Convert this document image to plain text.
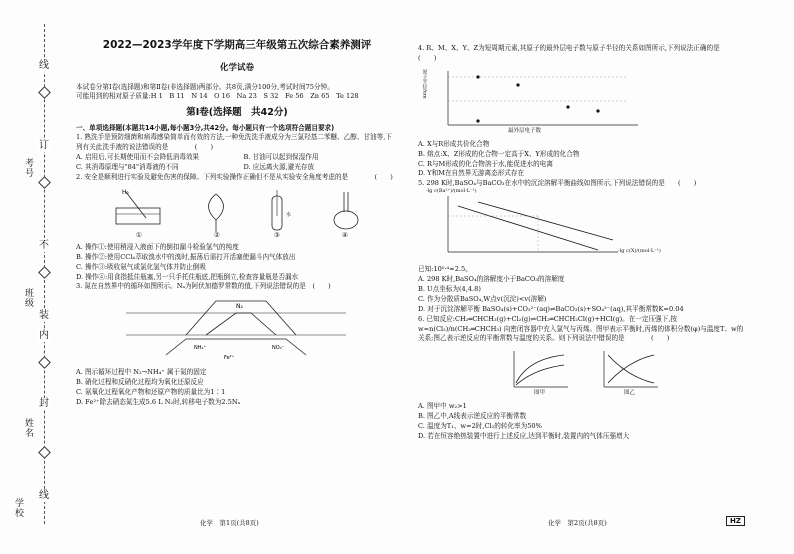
考号
班级
姓名
学校
线
订
不
装
内
封
线
2022—2023学年度下学期高三年级第五次综合素养测评
化学试卷

本试卷分第Ⅰ卷(选择题)和第Ⅱ卷(非选择题)两部分。共8页,满分100分,考试时间75分钟。

可能用到的相对原子质量:H 1　B 11　N 14　O 16　Na 23　S 32　Fe 56　Zn 65　Te 128

第Ⅰ卷(选择题　共42分)

一、单项选择题(本题共14小题,每小题3分,共42分。每小题只有一个选项符合题目要求)

1. 熟洗手是预防细菌和病毒感染简单而有效的方法,一种免洗洗手液成分为三氯羟基二苯醚、乙醇、甘油等,下列有关此洗手液的说法错误的是　　　　(　　)

A. 启用后,可长期使用而不会降低消毒效果	B. 甘油可以起到保湿作用

C. 其消毒原理与"84"消毒液的不同	D. 应远离火源,避光存放

2. 安全是顺利进行实验及避免伤害的保障。下列实验操作正确但不是从实验安全角度考虑的是　　　　(　　)

H₂
水
①	②	③	④

A. 操作①:使用稍浸入液面下的倒扣漏斗检验氢气的纯度

B. 操作②:使用CCl₄萃取溴水中的溴时,振荡后需打开活塞使漏斗内气体放出

C. 操作③:吸收氨气或氯化氢气体并防止倒吸

D. 操作④:用食指抵住瓶塞,另一只手托住瓶底,把瓶倒立,检查容量瓶是否漏水

3. 氮在自然界中的循环如图所示。Nₐ为阿伏加德罗常数的值,下列说法错误的是　(　　)

N₂
NH₄⁺	NO₃⁻
Fe²⁺

A. 图示循环过程中 N₂→NH₄⁺ 属于氮的固定

B. 硝化过程和反硝化过程均为氧化还原反应

C. 氨氧化过程氧化产物和还原产物的质量比为1∶1

D. Fe²⁺除去硝态氮生成5.6 L N₂时,转移电子数为2.5Nₐ

化学　第1页(共8页)

4. R、M、X、Y、Z为短周期元素,其原子的最外层电子数与原子半径的关系如图所示,下列说法正确的是　　　　(　　)

原子半径/nm
最外层电子数

A. X与R形成共价化合物

B. 熔点:X、Z形成的化合物一定高于X、Y形成的化合物

C. R与M形成的化合物溶于水,能促进水的电离

D. Y和M在自然界无游离态形式存在

5. 298 K时,BaSO₄与BaCO₃在水中的沉淀溶解平衡曲线如图所示,下列说法错误的是　　(　　)

-lg c(Ba²⁺)/(mol·L⁻¹)
-lg c(X)/(mol·L⁻¹)

已知:10⁰·⁴≈2.5。

A. 298 K时,BaSO₄的溶解度小于BaCO₃的溶解度

B. U点坐标为(4,4.8)

C. 作为分散质BaSO₄,W点v(沉淀)<v(溶解)

D. 对于沉淀溶解平衡 BaSO₄(s)+CO₃²⁻(aq)⇌BaCO₃(s)+SO₄²⁻(aq),其平衡常数K=0.04

6. 已知反应:CH₂═CHCH₃(g)+Cl₂(g)⇌CH₂═CHCH₂Cl(g)+HCl(g)。在一定压强下,按 w=n(Cl₂)/n(CH₂═CHCH₃) 向密闭容器中充入氯气与丙烯。图甲表示平衡时,丙烯的体积分数(φ)与温度T、w的关系;图乙表示逆反应的平衡常数与温度的关系。则下列说法中错误的是　　　　(　　)

图甲	图乙

A. 图甲中 w₂>1

B. 图乙中,A线表示逆反应的平衡常数

C. 温度为T₁、w=2时,Cl₂的转化率为50%

D. 若在恒容绝热装置中进行上述反应,达到平衡时,装置内的气体压强增大

化学　第2页(共8页)	HZ
